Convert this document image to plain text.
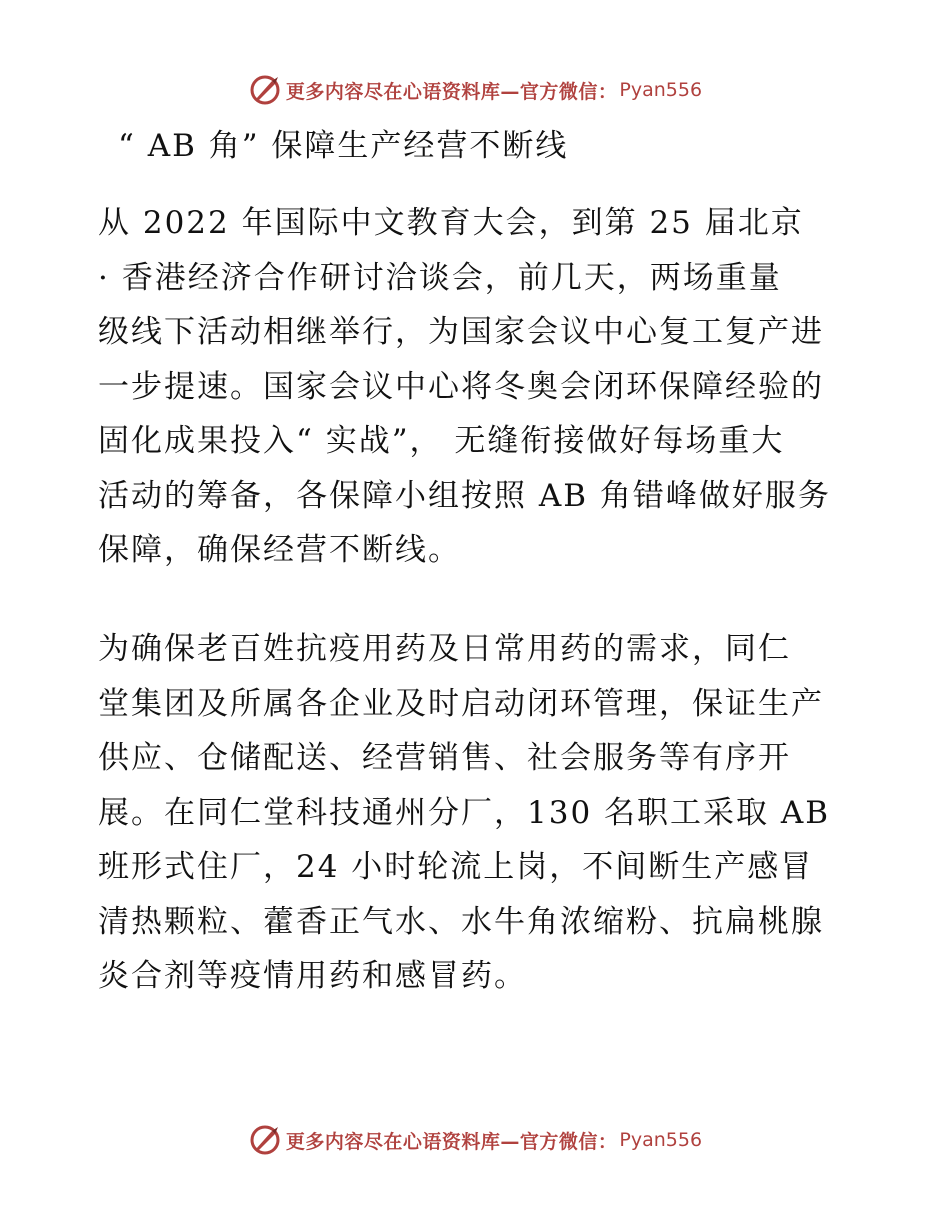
更多内容尽在心语资料库—官方微信： Pyan556
“ AB 角” 保障生产经营不断线
从 2022 年国际中文教育大会，到第 25 届北京
· 香港经济合作研讨洽谈会，前几天，两场重量
级线下活动相继举行，为国家会议中心复工复产进
一步提速。国家会议中心将冬奥会闭环保障经验的
固化成果投入“ 实战”， 无缝衔接做好每场重大
活动的筹备，各保障小组按照 AB 角错峰做好服务
保障，确保经营不断线。
为确保老百姓抗疫用药及日常用药的需求，同仁
堂集团及所属各企业及时启动闭环管理，保证生产
供应、仓储配送、经营销售、社会服务等有序开
展。在同仁堂科技通州分厂，130 名职工采取 AB
班形式住厂，24 小时轮流上岗，不间断生产感冒
清热颗粒、藿香正气水、水牛角浓缩粉、抗扁桃腺
炎合剂等疫情用药和感冒药。
更多内容尽在心语资料库—官方微信： Pyan556
